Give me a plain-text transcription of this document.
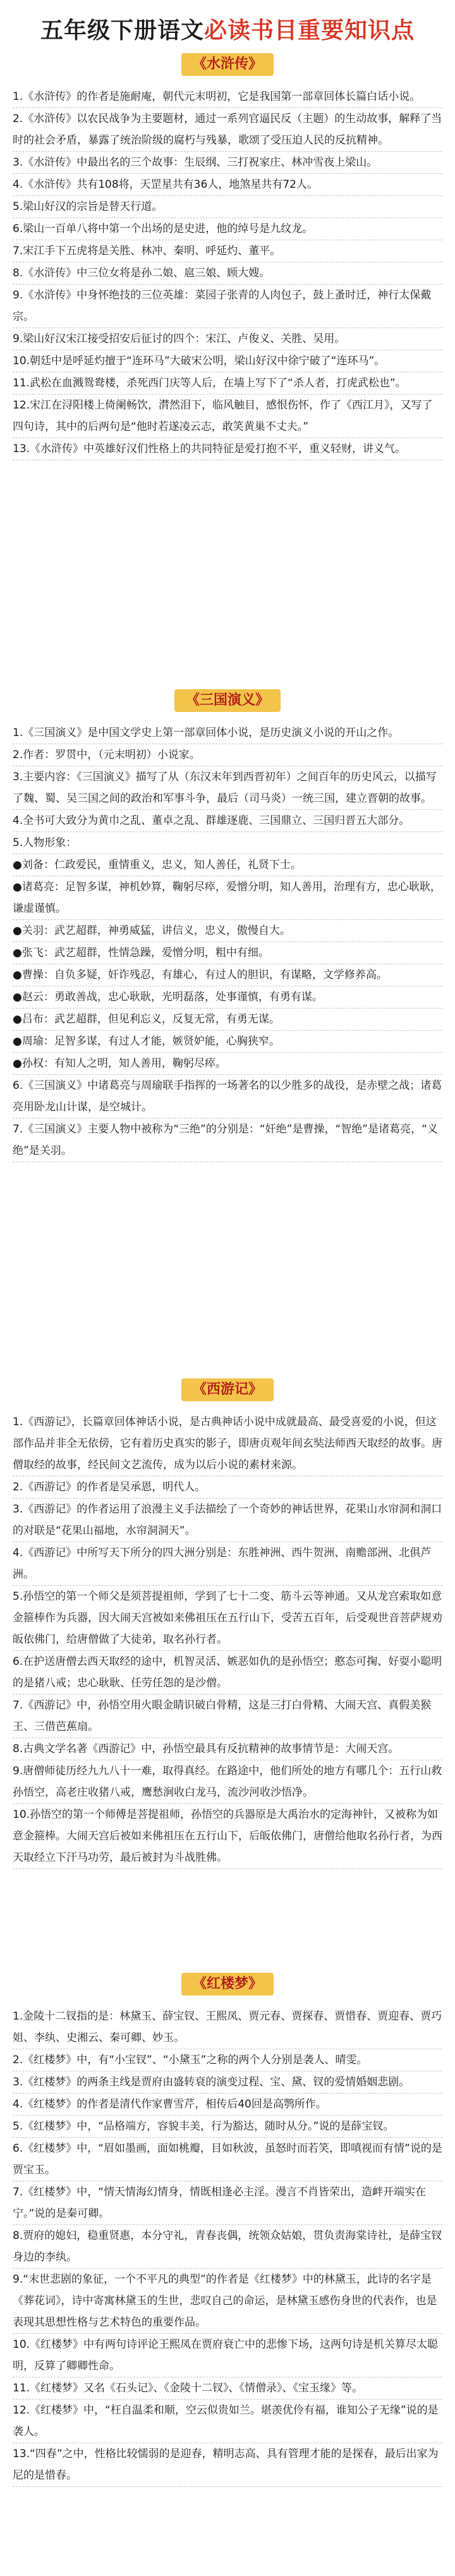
五年级下册语文必读书目重要知识点
《水浒传》
1.《水浒传》的作者是施耐庵，朝代元末明初，它是我国第一部章回体长篇白话小说。
2.《水浒传》以农民战争为主要题材，通过一系列官逼民反（主题）的生动故事，解释了当时的社会矛盾，暴露了统治阶级的腐朽与残暴，歌颂了受压迫人民的反抗精神。
3.《水浒传》中最出名的三个故事：生辰纲、三打祝家庄、林冲雪夜上梁山。
4.《水浒传》共有108将，天罡星共有36人，地煞星共有72人。
5.梁山好汉的宗旨是替天行道。
6.梁山一百单八将中第一个出场的是史进，他的绰号是九纹龙。
7.宋江手下五虎将是关胜、林冲、秦明、呼延灼、董平。
8.《水浒传》中三位女将是孙二娘、扈三娘、顾大嫂。
9.《水浒传》中身怀绝技的三位英雄：菜园子张青的人肉包子，鼓上蚤时迁，神行太保戴宗。
9.梁山好汉宋江接受招安后征讨的四个：宋江、卢俊义、关胜、吴用。
10.朝廷中是呼延灼擅于“连环马”大破宋公明，梁山好汉中徐宁破了“连环马”。
11.武松在血溅鸳鸯楼，杀死西门庆等人后，在墙上写下了“杀人者，打虎武松也”。
12.宋江在浔阳楼上倚阑畅饮，潸然泪下，临风触目，感恨伤怀，作了《西江月》，又写了四句诗，其中的后两句是“他时若遂凌云志，敢笑黄巢不丈夫。”
13.《水浒传》中英雄好汉们性格上的共同特征是爱打抱不平，重义轻财，讲义气。
《三国演义》
1.《三国演义》是中国文学史上第一部章回体小说，是历史演义小说的开山之作。
2.作者：罗贯中，（元末明初）小说家。
3.主要内容：《三国演义》描写了从（东汉末年到西晋初年）之间百年的历史风云，以描写了魏、蜀、吴三国之间的政治和军事斗争，最后（司马炎）一统三国，建立晋朝的故事。
4.全书可大致分为黄巾之乱、董卓之乱、群雄逐鹿、三国鼎立、三国归晋五大部分。
5.人物形象：
●刘备：仁政爱民，重情重义，忠义，知人善任，礼贤下士。
●诸葛亮：足智多谋，神机妙算，鞠躬尽瘁，爱憎分明，知人善用，治理有方，忠心耿耿，谦虚谨慎。
●关羽：武艺超群，神勇威猛，讲信义，忠义，傲慢自大。
●张飞：武艺超群，性情急躁，爱憎分明，粗中有细。
●曹操：自负多疑，奸诈残忍，有雄心，有过人的胆识，有谋略，文学修养高。
●赵云：勇敢善战，忠心耿耿，光明磊落，处事谨慎，有勇有谋。
●吕布：武艺超群，但见利忘义，反复无常，有勇无谋。
●周瑜：足智多谋，有过人才能，嫉贤妒能，心胸狭窄。
●孙权：有知人之明，知人善用，鞠躬尽瘁。
6.《三国演义》中诸葛亮与周瑜联手指挥的一场著名的以少胜多的战役，是赤壁之战；诸葛亮用卧龙山计谋，是空城计。
7.《三国演义》主要人物中被称为“三绝”的分别是：“奸绝”是曹操，“智绝”是诸葛亮，“义绝”是关羽。
《西游记》
1.《西游记》，长篇章回体神话小说，是古典神话小说中成就最高、最受喜爱的小说，但这部作品并非全无依傍，它有着历史真实的影子，即唐贞观年间玄奘法师西天取经的故事。唐僧取经的故事，经民间文艺流传，成为以后小说的素材来源。
2.《西游记》的作者是吴承恩，明代人。
3.《西游记》的作者运用了浪漫主义手法描绘了一个奇妙的神话世界，花果山水帘洞和洞口的对联是“花果山福地，水帘洞洞天”。
4.《西游记》中所写天下所分的四大洲分别是：东胜神洲、西牛贺洲、南赡部洲、北俱芦洲。
5.孙悟空的第一个师父是须菩提祖师，学到了七十二变、筋斗云等神通。又从龙宫索取如意金箍棒作为兵器，因大闹天宫被如来佛祖压在五行山下，受苦五百年，后受观世音菩萨规劝皈依佛门，给唐僧做了大徒弟，取名孙行者。
6.在护送唐僧去西天取经的途中，机智灵活、嫉恶如仇的是孙悟空；憨态可掬、好耍小聪明的是猪八戒；忠心耿耿、任劳任怨的是沙僧。
7.《西游记》中，孙悟空用火眼金睛识破白骨精，这是三打白骨精、大闹天宫、真假美猴王、三借芭蕉扇。
8.古典文学名著《西游记》中，孙悟空最具有反抗精神的故事情节是：大闹天宫。
9.唐僧师徒历经九九八十一难，取得真经。在路途中，他们所处的地方有哪几个：五行山救孙悟空，高老庄收猪八戒，鹰愁涧收白龙马，流沙河收沙悟净。
10.孙悟空的第一个师傅是菩提祖师，孙悟空的兵器原是大禹治水的定海神针，又被称为如意金箍棒。大闹天宫后被如来佛祖压在五行山下，后皈依佛门，唐僧给他取名孙行者，为西天取经立下汗马功劳，最后被封为斗战胜佛。
《红楼梦》
1.金陵十二钗指的是：林黛玉、薛宝钗、王熙凤、贾元春、贾探春、贾惜春、贾迎春、贾巧姐、李纨、史湘云、秦可卿、妙玉。
2.《红楼梦》中，有“小宝钗”、“小黛玉”之称的两个人分别是袭人、晴雯。
3.《红楼梦》的两条主线是贾府由盛转衰的演变过程、宝、黛、钗的爱情婚姻悲剧。
4.《红楼梦》的作者是清代作家曹雪芹，相传后40回是高鹗所作。
5.《红楼梦》中，“品格端方，容貌丰美，行为豁达，随时从分。”说的是薛宝钗。
6.《红楼梦》中，“眉如墨画，面如桃瓣，目如秋波，虽怒时而若笑，即嗔视而有情”说的是贾宝玉。
7.《红楼梦》中，“情天情海幻情身，情既相逢必主淫。漫言不肖皆荣出，造衅开端实在宁。”说的是秦可卿。
8.贾府的媳妇，稳重贤惠，本分守礼，青春丧偶，统领众姑娘，贯负责海棠诗社，是薛宝钗身边的李纨。
9.“末世悲剧的象征，一个不平凡的典型”的作者是《红楼梦》中的林黛玉，此诗的名字是《葬花词》，诗中寄寓林黛玉的生世，悲叹自己的命运，是林黛玉感伤身世的代表作，也是表现其思想性格与艺术特色的重要作品。
10.《红楼梦》中有两句诗评论王熙凤在贾府衰亡中的悲惨下场，这两句诗是机关算尽太聪明，反算了卿卿性命。
11.《红楼梦》又名《石头记》、《金陵十二钗》、《情僧录》、《宝玉缘》等。
12.《红楼梦》中，“枉自温柔和顺，空云似贵如兰。堪羡优伶有福，谁知公子无缘”说的是袭人。
13.“四春”之中，性格比较懦弱的是迎春，精明志高、具有管理才能的是探春，最后出家为尼的是惜春。
